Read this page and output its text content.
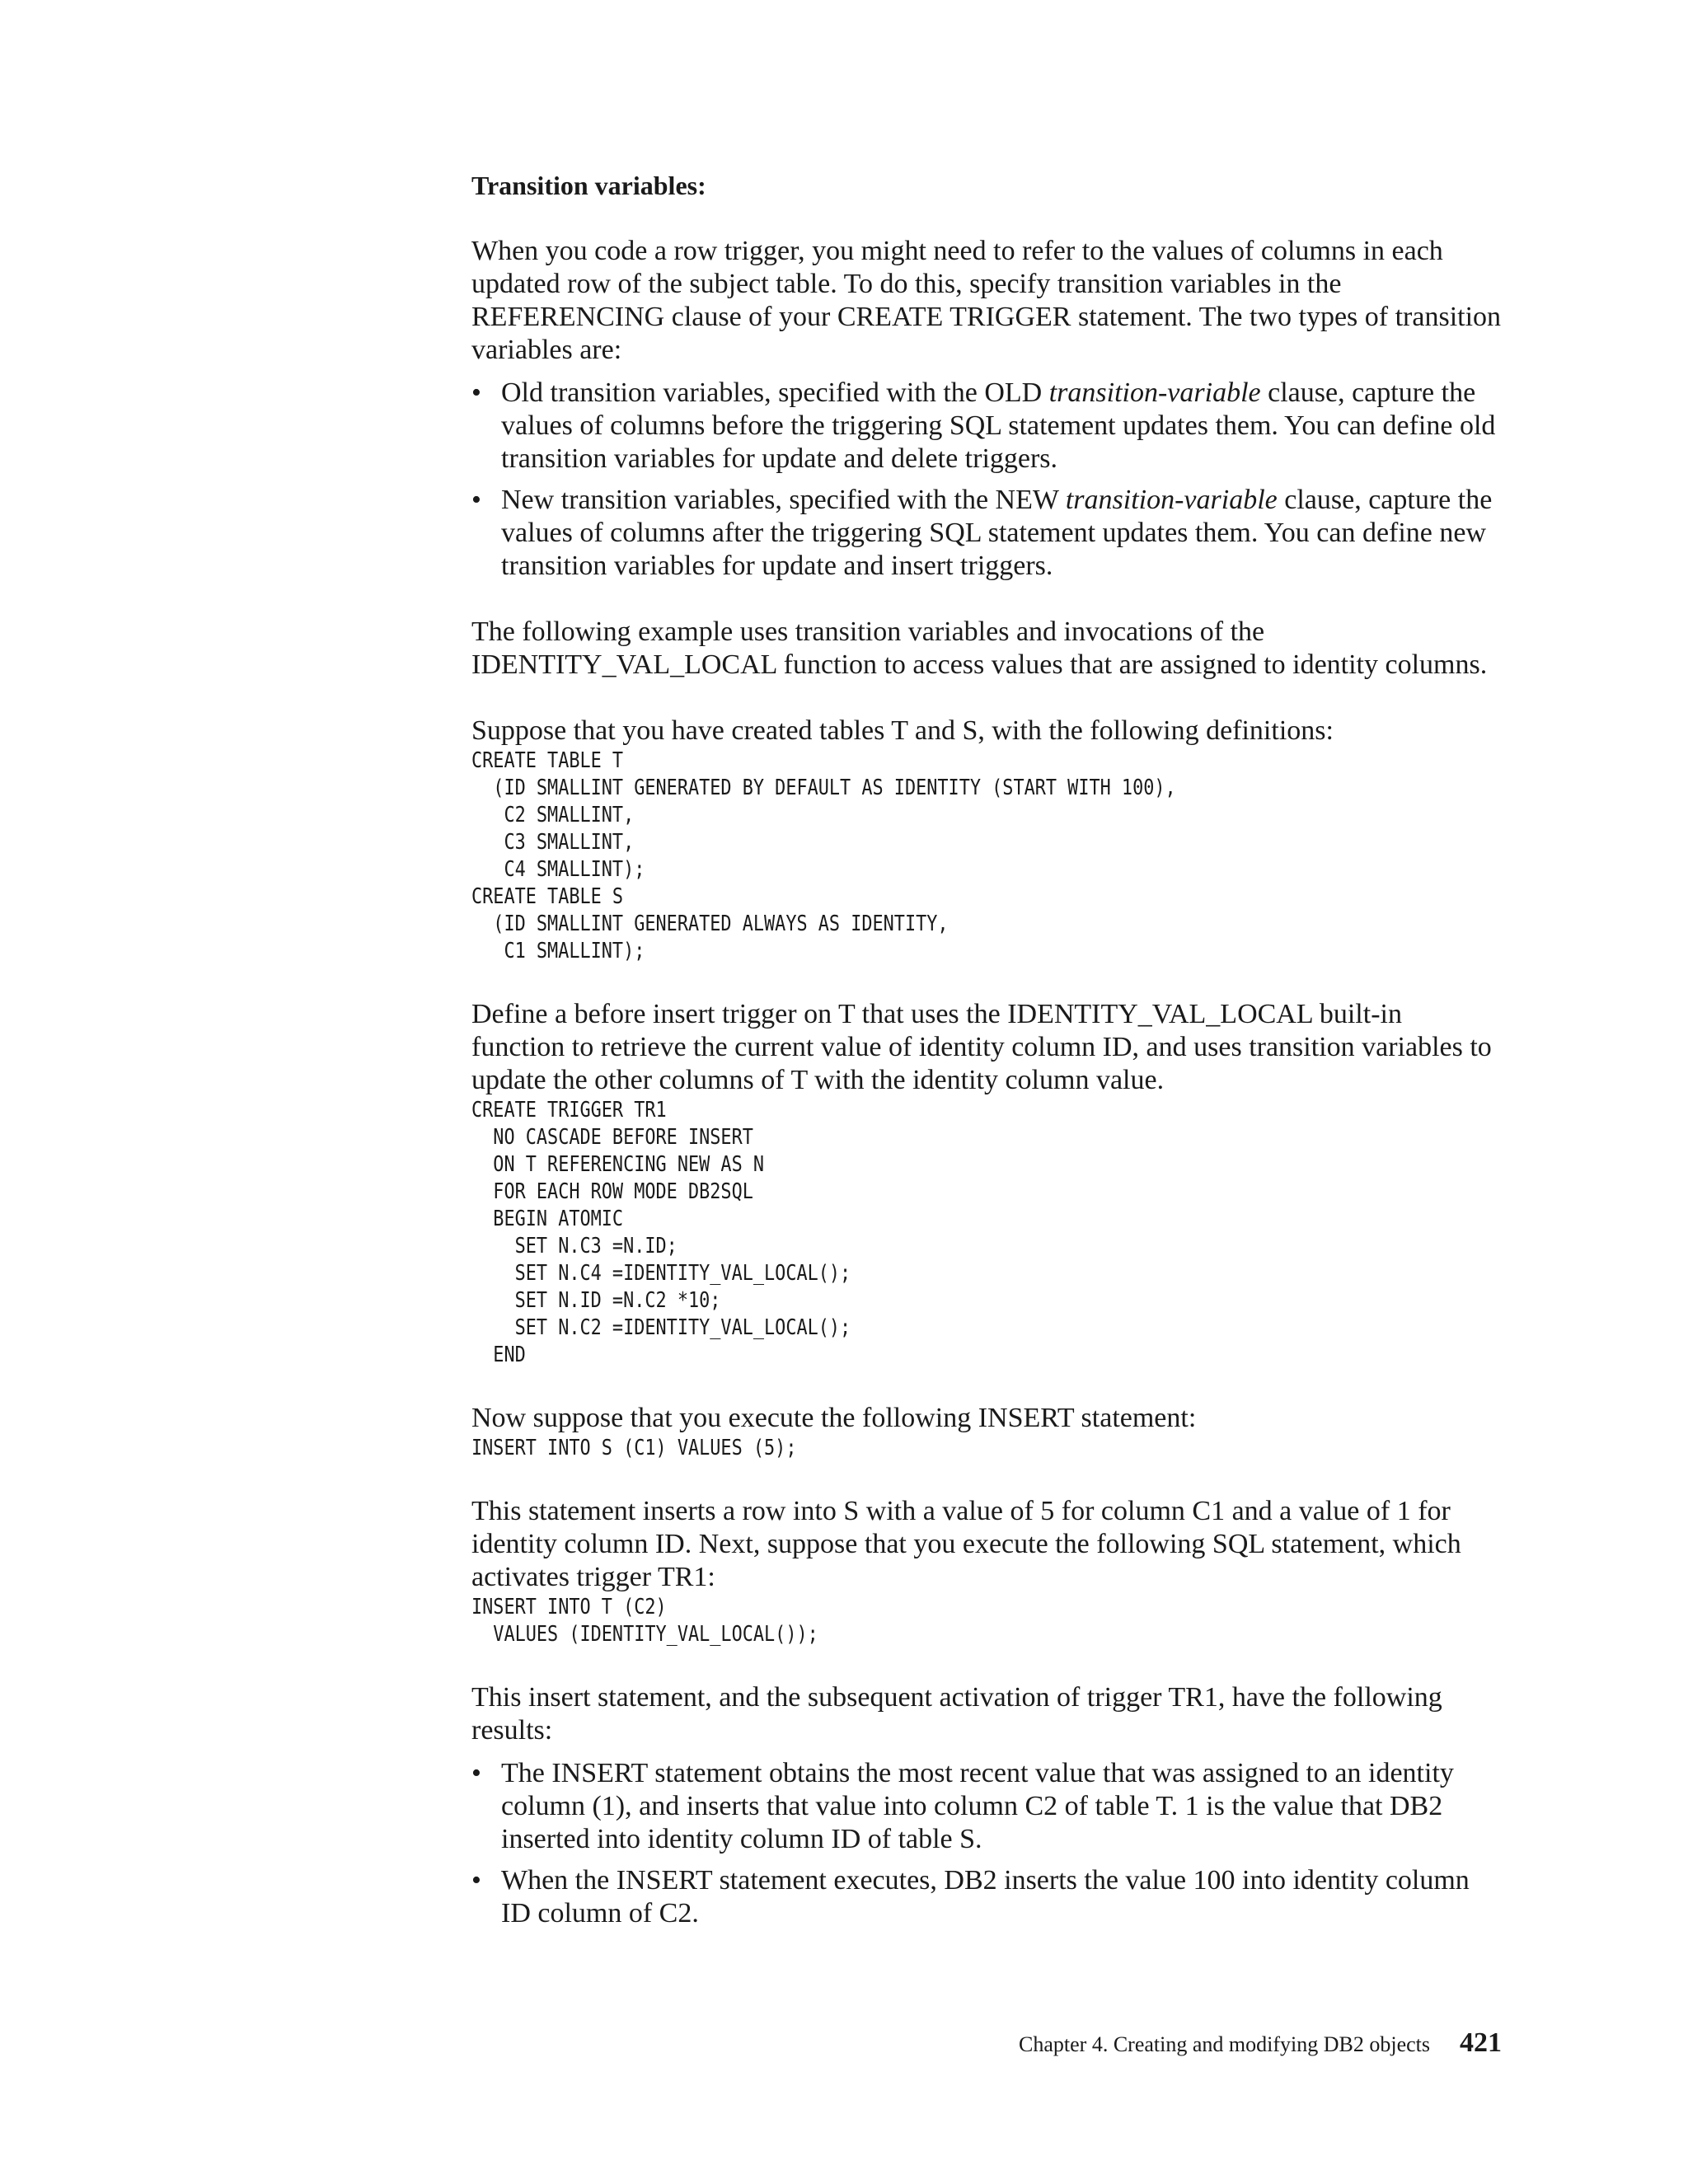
Transition variables:

When you code a row trigger, you might need to refer to the values of columns in each updated row of the subject table. To do this, specify transition variables in the REFERENCING clause of your CREATE TRIGGER statement. The two types of transition variables are:

• Old transition variables, specified with the OLD transition-variable clause, capture the values of columns before the triggering SQL statement updates them. You can define old transition variables for update and delete triggers.
• New transition variables, specified with the NEW transition-variable clause, capture the values of columns after the triggering SQL statement updates them. You can define new transition variables for update and insert triggers.

The following example uses transition variables and invocations of the IDENTITY_VAL_LOCAL function to access values that are assigned to identity columns.

Suppose that you have created tables T and S, with the following definitions:

CREATE TABLE T
(ID SMALLINT GENERATED BY DEFAULT AS IDENTITY (START WITH 100),
C2 SMALLINT,
C3 SMALLINT,
C4 SMALLINT);
CREATE TABLE S
(ID SMALLINT GENERATED ALWAYS AS IDENTITY,
C1 SMALLINT);

Define a before insert trigger on T that uses the IDENTITY_VAL_LOCAL built-in function to retrieve the current value of identity column ID, and uses transition variables to update the other columns of T with the identity column value.

CREATE TRIGGER TR1
NO CASCADE BEFORE INSERT
ON T REFERENCING NEW AS N
FOR EACH ROW MODE DB2SQL
BEGIN ATOMIC
SET N.C3 =N.ID;
SET N.C4 =IDENTITY_VAL_LOCAL();
SET N.ID =N.C2 *10;
SET N.C2 =IDENTITY_VAL_LOCAL();
END

Now suppose that you execute the following INSERT statement:

INSERT INTO S (C1) VALUES (5);

This statement inserts a row into S with a value of 5 for column C1 and a value of 1 for identity column ID. Next, suppose that you execute the following SQL statement, which activates trigger TR1:

INSERT INTO T (C2)
VALUES (IDENTITY_VAL_LOCAL());

This insert statement, and the subsequent activation of trigger TR1, have the following results:

• The INSERT statement obtains the most recent value that was assigned to an identity column (1), and inserts that value into column C2 of table T. 1 is the value that DB2 inserted into identity column ID of table S.
• When the INSERT statement executes, DB2 inserts the value 100 into identity column ID column of C2.
Chapter 4. Creating and modifying DB2 objects 421
